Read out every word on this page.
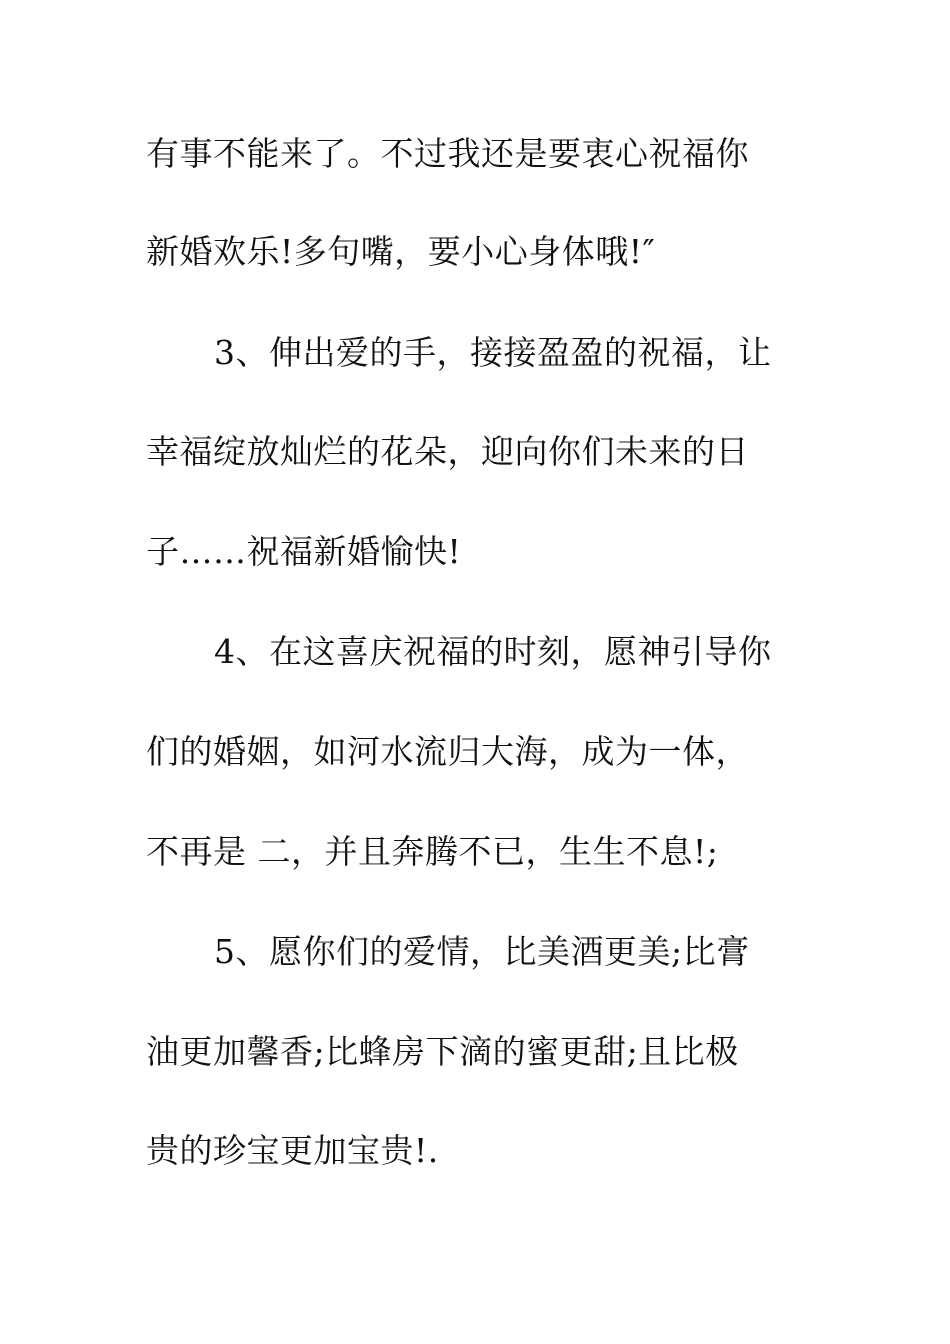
有事不能来了。不过我还是要衷心祝福你
新婚欢乐!多句嘴，要小心身体哦!″
3、伸出爱的手，接接盈盈的祝福，让
幸福绽放灿烂的花朵，迎向你们未来的日
子……祝福新婚愉快!
4、在这喜庆祝福的时刻，愿神引导你
们的婚姻，如河水流归大海，成为一体，
不再是 二，并且奔腾不已，生生不息!;
5、愿你们的爱情，比美酒更美;比膏
油更加馨香;比蜂房下滴的蜜更甜;且比极
贵的珍宝更加宝贵!.
